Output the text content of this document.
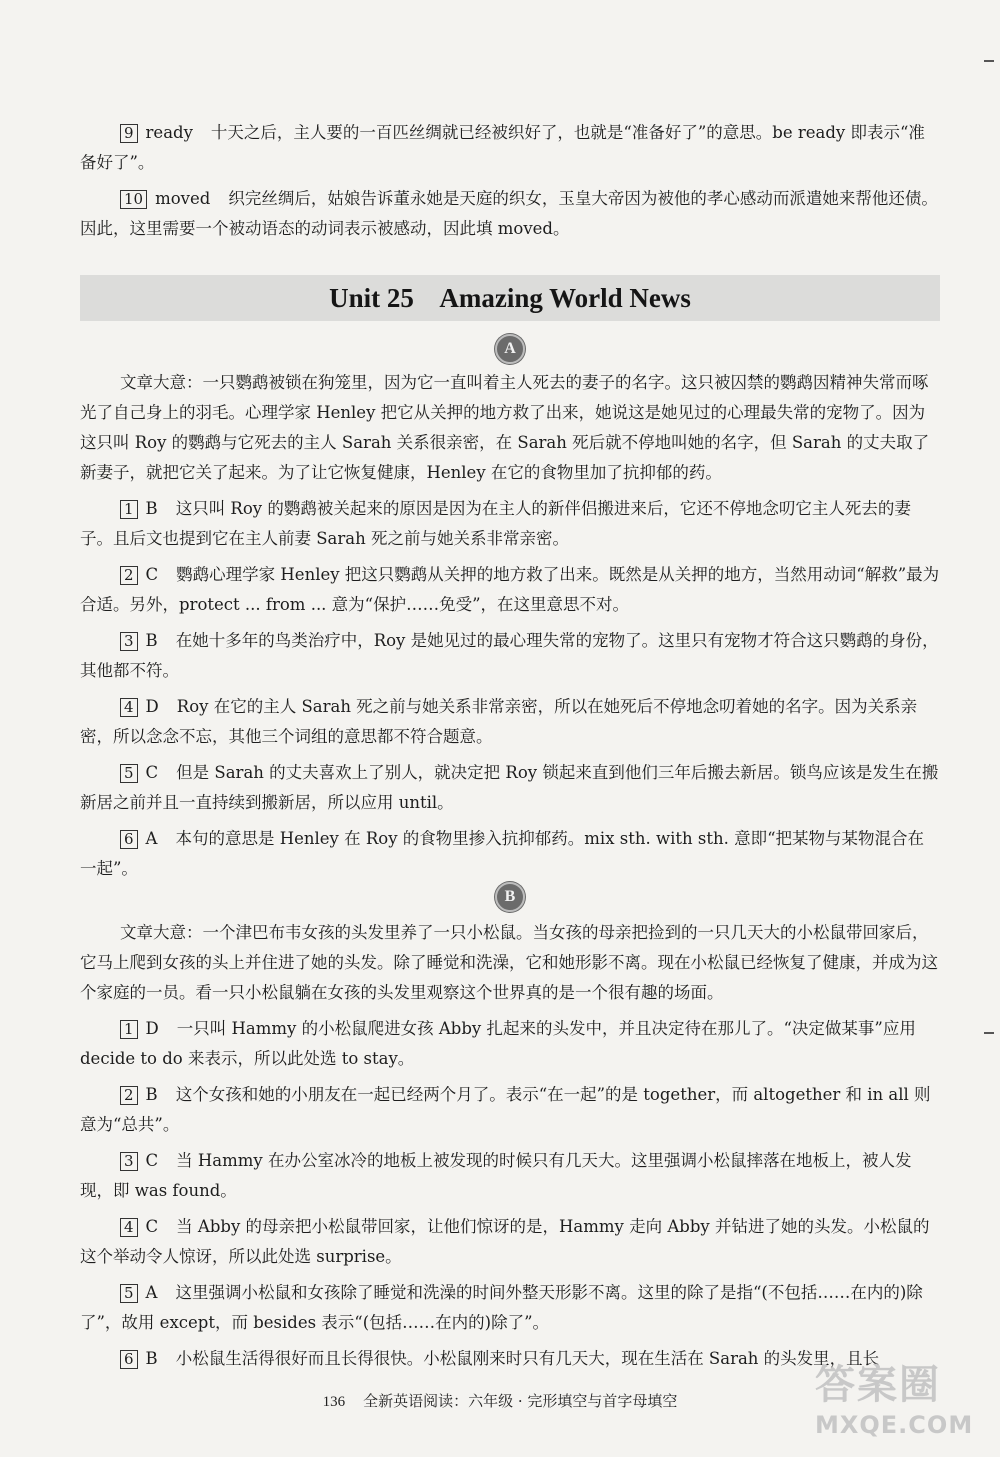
9 ready 十天之后，主人要的一百匹丝绸就已经被织好了，也就是“准备好了”的意思。be ready 即表示“准备好了”。

10 moved 织完丝绸后，姑娘告诉董永她是天庭的织女，玉皇大帝因为被他的孝心感动而派遣她来帮他还债。因此，这里需要一个被动语态的动词表示被感动，因此填 moved。

Unit 25    Amazing World News
A

文章大意：一只鹦鹉被锁在狗笼里，因为它一直叫着主人死去的妻子的名字。这只被囚禁的鹦鹉因精神失常而啄光了自己身上的羽毛。心理学家 Henley 把它从关押的地方救了出来，她说这是她见过的心理最失常的宠物了。因为这只叫 Roy 的鹦鹉与它死去的主人 Sarah 关系很亲密，在 Sarah 死后就不停地叫她的名字，但 Sarah 的丈夫取了新妻子，就把它关了起来。为了让它恢复健康，Henley 在它的食物里加了抗抑郁的药。

1 B 这只叫 Roy 的鹦鹉被关起来的原因是因为在主人的新伴侣搬进来后，它还不停地念叨它主人死去的妻子。且后文也提到它在主人前妻 Sarah 死之前与她关系非常亲密。

2 C 鹦鹉心理学家 Henley 把这只鹦鹉从关押的地方救了出来。既然是从关押的地方，当然用动词“解救”最为合适。另外，protect ... from ... 意为“保护……免受”，在这里意思不对。

3 B 在她十多年的鸟类治疗中，Roy 是她见过的最心理失常的宠物了。这里只有宠物才符合这只鹦鹉的身份，其他都不符。

4 D Roy 在它的主人 Sarah 死之前与她关系非常亲密，所以在她死后不停地念叨着她的名字。因为关系亲密，所以念念不忘，其他三个词组的意思都不符合题意。

5 C 但是 Sarah 的丈夫喜欢上了别人，就决定把 Roy 锁起来直到他们三年后搬去新居。锁鸟应该是发生在搬新居之前并且一直持续到搬新居，所以应用 until。

6 A 本句的意思是 Henley 在 Roy 的食物里掺入抗抑郁药。mix sth. with sth. 意即“把某物与某物混合在一起”。

B

文章大意：一个津巴布韦女孩的头发里养了一只小松鼠。当女孩的母亲把捡到的一只几天大的小松鼠带回家后，它马上爬到女孩的头上并住进了她的头发。除了睡觉和洗澡，它和她形影不离。现在小松鼠已经恢复了健康，并成为这个家庭的一员。看一只小松鼠躺在女孩的头发里观察这个世界真的是一个很有趣的场面。

1 D 一只叫 Hammy 的小松鼠爬进女孩 Abby 扎起来的头发中，并且决定待在那儿了。“决定做某事”应用 decide to do 来表示，所以此处选 to stay。

2 B 这个女孩和她的小朋友在一起已经两个月了。表示“在一起”的是 together，而 altogether 和 in all 则意为“总共”。

3 C 当 Hammy 在办公室冰冷的地板上被发现的时候只有几天大。这里强调小松鼠摔落在地板上，被人发现，即 was found。

4 C 当 Abby 的母亲把小松鼠带回家，让他们惊讶的是，Hammy 走向 Abby 并钻进了她的头发。小松鼠的这个举动令人惊讶，所以此处选 surprise。

5 A 这里强调小松鼠和女孩除了睡觉和洗澡的时间外整天形影不离。这里的除了是指“(不包括……在内的)除了”，故用 except，而 besides 表示“(包括……在内的)除了”。

6 B 小松鼠生活得很好而且长得很快。小松鼠刚来时只有几天大，现在生活在 Sarah 的头发里，且长

136 全新英语阅读：六年级 · 完形填空与首字母填空	答案圈
MXQE.COM
